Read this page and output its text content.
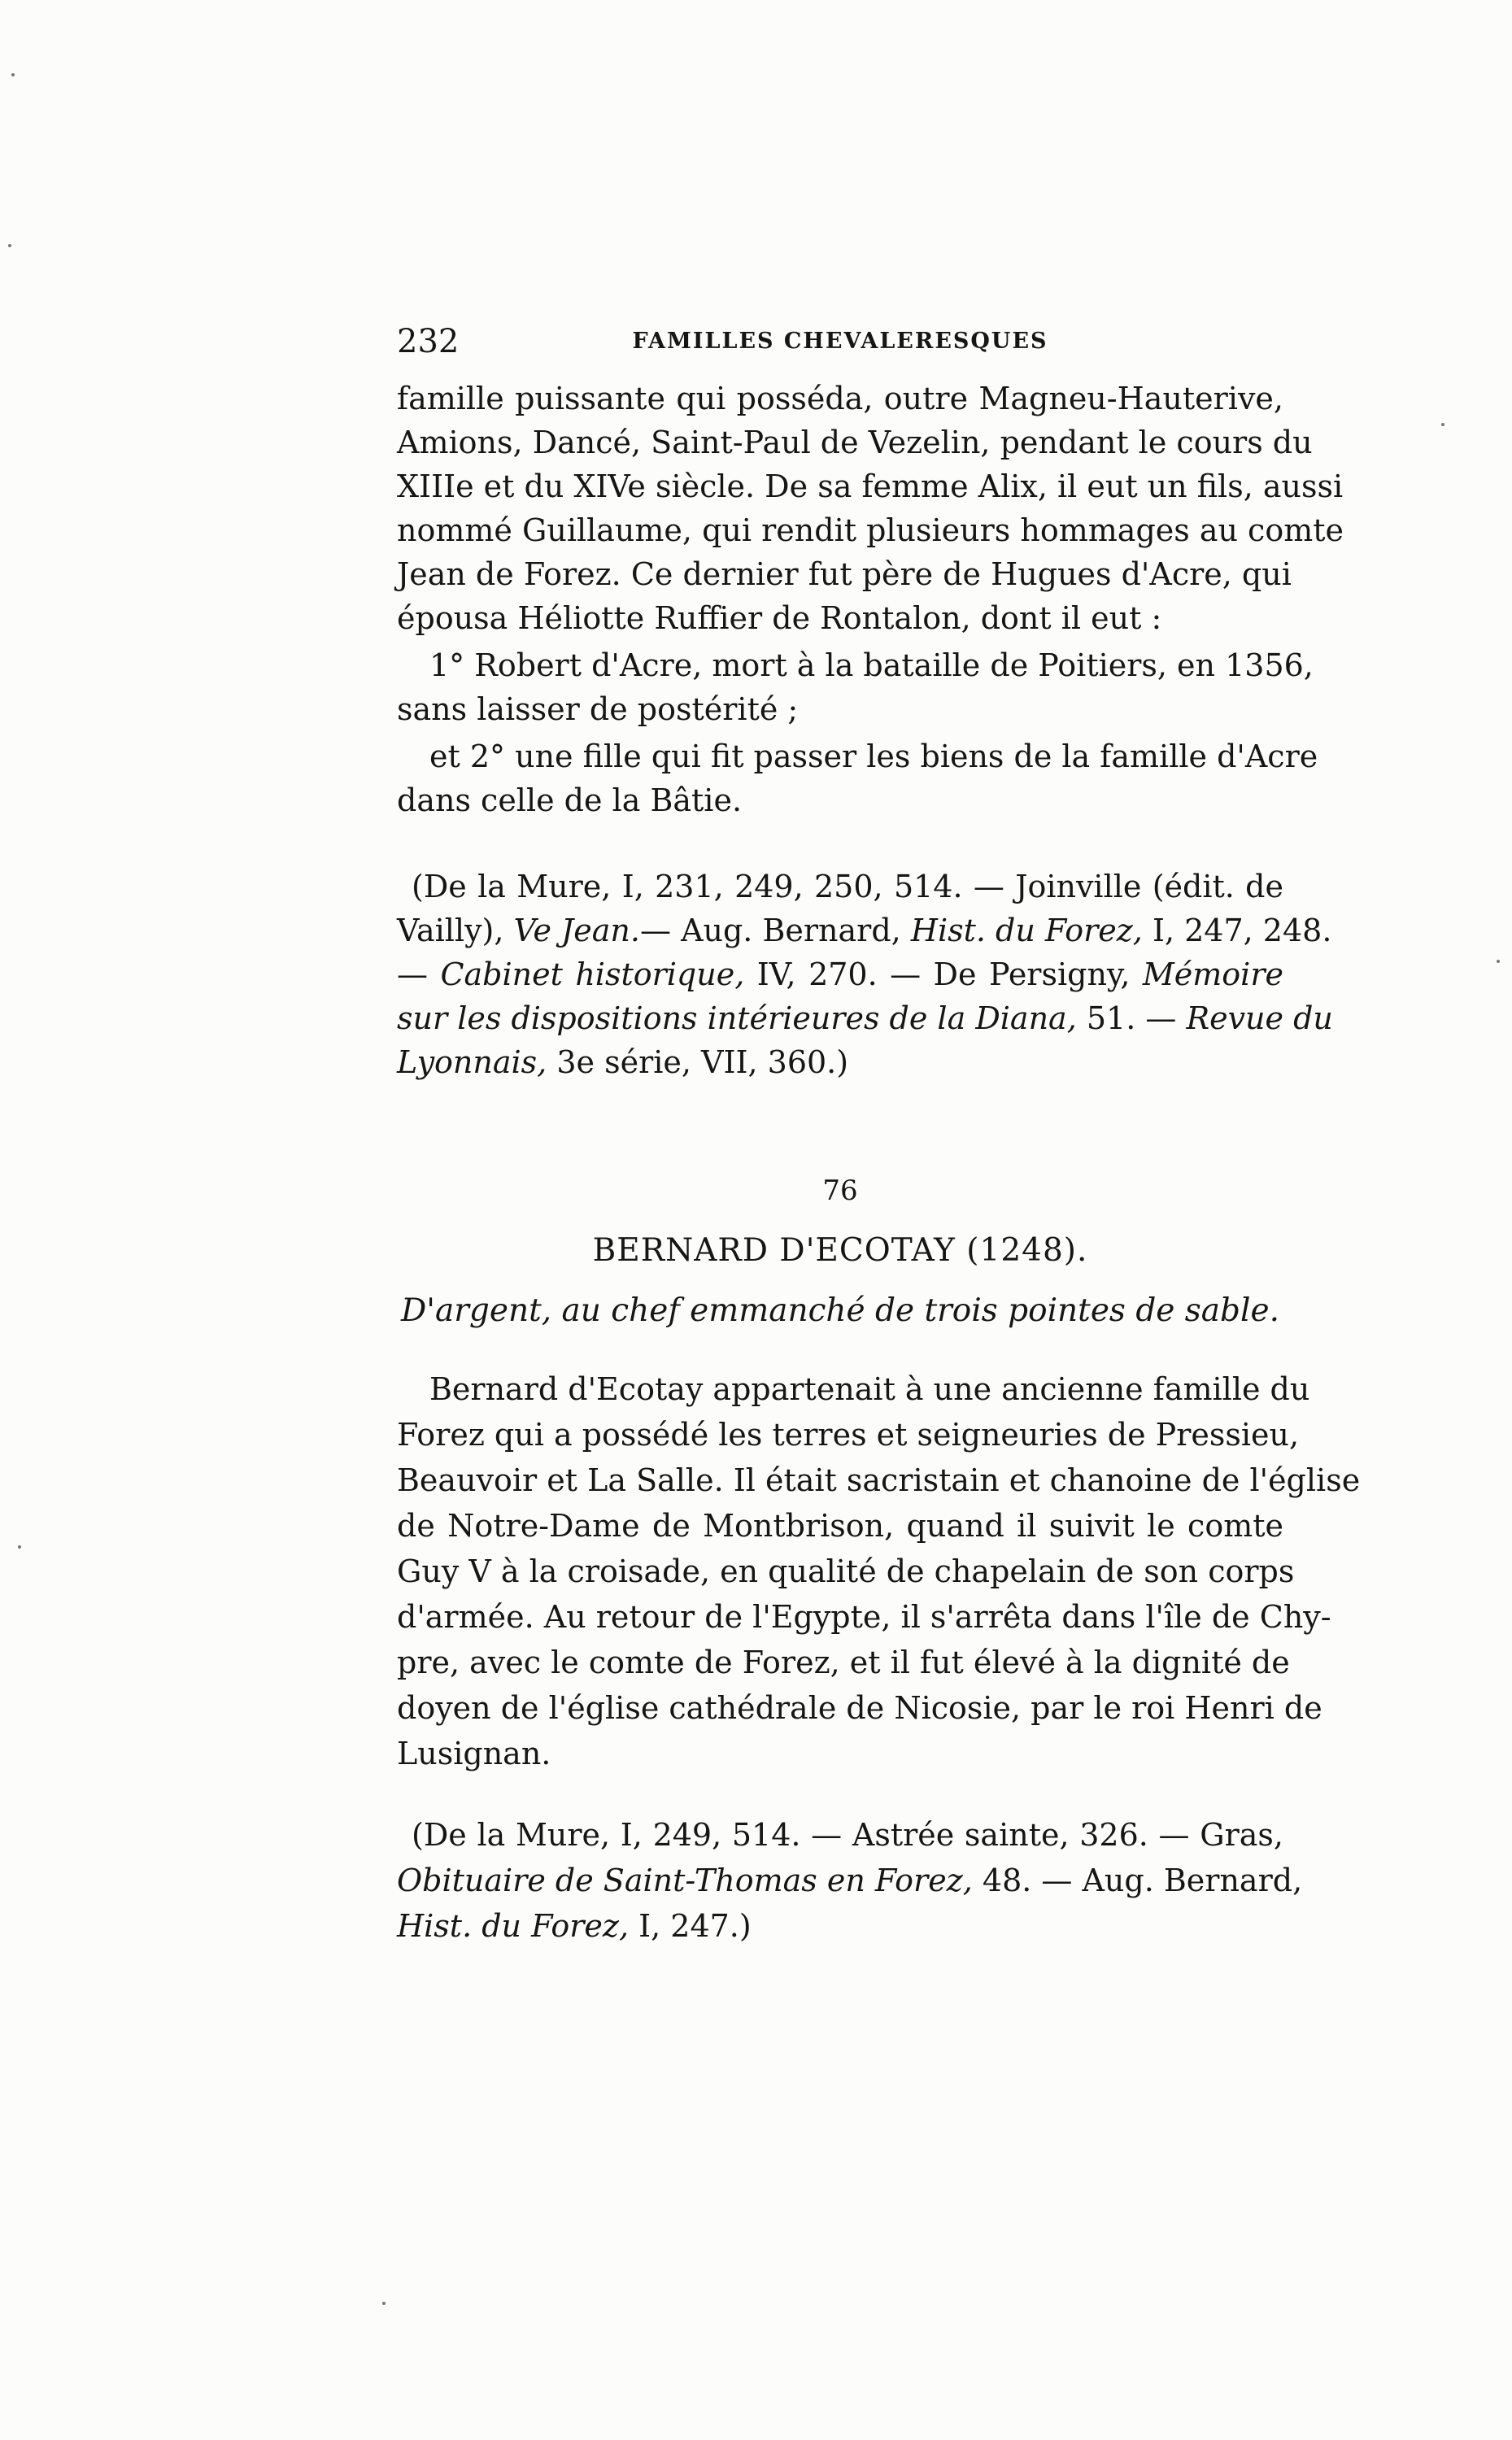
232	FAMILLES CHEVALERESQUES
famille puissante qui posséda, outre Magneu-Hauterive,
Amions, Dancé, Saint-Paul de Vezelin, pendant le cours du
XIIIe et du XIVe siècle. De sa femme Alix, il eut un fils, aussi
nommé Guillaume, qui rendit plusieurs hommages au comte
Jean de Forez. Ce dernier fut père de Hugues d'Acre, qui
épousa Héliotte Ruffier de Rontalon, dont il eut :
1° Robert d'Acre, mort à la bataille de Poitiers, en 1356,
sans laisser de postérité ;
et 2° une fille qui fit passer les biens de la famille d'Acre
dans celle de la Bâtie.
(De la Mure, I, 231, 249, 250, 514. — Joinville (édit. de
Vailly), Ve Jean.— Aug. Bernard, Hist. du Forez, I, 247, 248.
— Cabinet historique, IV, 270. — De Persigny, Mémoire
sur les dispositions intérieures de la Diana, 51. — Revue du
Lyonnais, 3e série, VII, 360.)
76
BERNARD D'ECOTAY (1248).
D'argent, au chef emmanché de trois pointes de sable.
Bernard d'Ecotay appartenait à une ancienne famille du
Forez qui a possédé les terres et seigneuries de Pressieu,
Beauvoir et La Salle. Il était sacristain et chanoine de l'église
de Notre-Dame de Montbrison, quand il suivit le comte
Guy V à la croisade, en qualité de chapelain de son corps
d'armée. Au retour de l'Egypte, il s'arrêta dans l'île de Chy-
pre, avec le comte de Forez, et il fut élevé à la dignité de
doyen de l'église cathédrale de Nicosie, par le roi Henri de
Lusignan.
(De la Mure, I, 249, 514. — Astrée sainte, 326. — Gras,
Obituaire de Saint-Thomas en Forez, 48. — Aug. Bernard,
Hist. du Forez, I, 247.)
